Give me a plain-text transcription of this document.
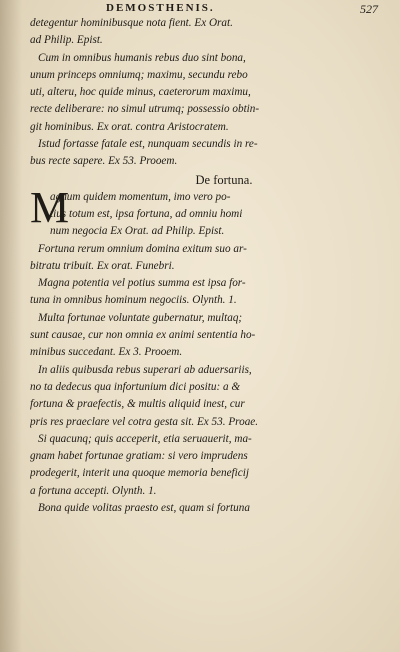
DEMOSTHENIS.	527
detegentur hominibusque nota fient. Ex Orat.
ad Philip. Epist.
Cum in omnibus humanis rebus duo sint bona,
unum princeps omniumq; maximu, secundu rebo
uti, alteru, hoc quide minus, caeterorum maximu,
recte deliberare: no simul utrumq; possessio obtin-
git hominibus. Ex orat. contra Aristocratem.
Istud fortasse fatale est, nunquam secundis in re-
bus recte sapere. Ex 53. Prooem.
De fortuna.
M
agnum quidem momentum, imo vero po-
tius totum est, ipsa fortuna, ad omniu homi
num negocia Ex Orat. ad Philip. Epist.
Fortuna rerum omnium domina exitum suo ar-
bitratu tribuit. Ex orat. Funebri.
Magna potentia vel potius summa est ipsa for-
tuna in omnibus hominum negociis. Olynth. 1.
Multa fortunae voluntate gubernatur, multaq;
sunt causae, cur non omnia ex animi sententia ho-
minibus succedant. Ex 3. Prooem.
In aliis quibusda rebus superari ab aduersariis,
no ta dedecus qua infortunium dici positu: a &
fortuna & praefectis, & multis aliquid inest, cur
pris res praeclare vel cotra gesta sit. Ex 53. Proae.
Si quacunq; quis acceperit, etia seruauerit, ma-
gnam habet fortunae gratiam: si vero imprudens
prodegerit, interit una quoque memoria beneficij
a fortuna accepti. Olynth. 1.
Bona quide volitas praesto est, quam si fortuna
